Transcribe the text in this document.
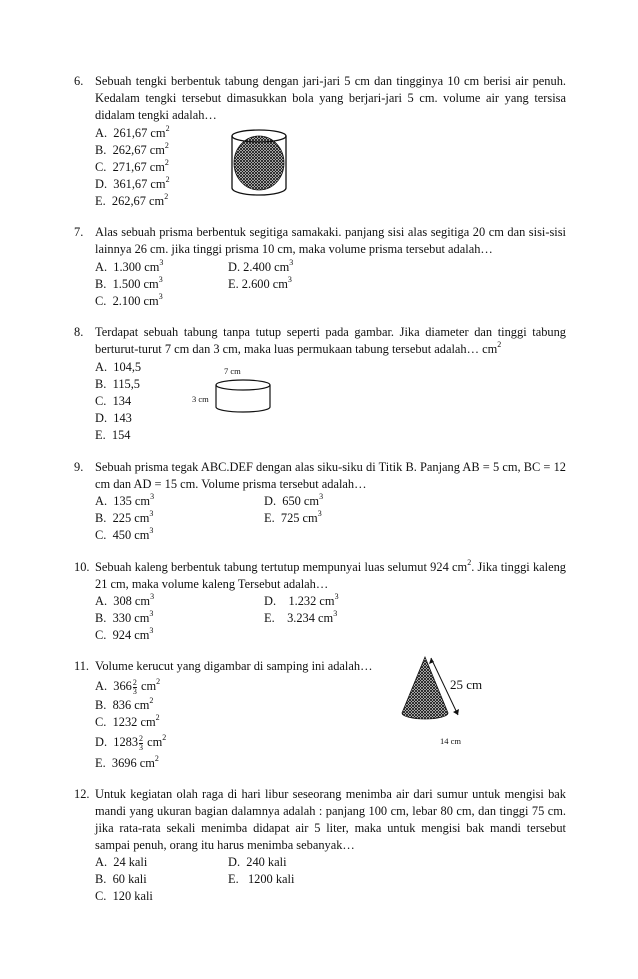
6. Sebuah tengki berbentuk tabung dengan jari-jari 5 cm dan tingginya 10 cm berisi air penuh. Kedalam tengki tersebut dimasukkan bola yang berjari-jari 5 cm. volume air yang tersisa didalam tengki adalah…
A. 261,67 $cm^2$
B. 262,67 $cm^2$
C. 271,67 $cm^2$
D. 361,67 $cm^2$
E. 262,67 $cm^2$
7. Alas sebuah prisma berbentuk segitiga samakaki. panjang sisi alas segitiga 20 cm dan sisi-sisi lainnya 26 cm. jika tinggi prisma 10 cm, maka volume prisma tersebut adalah…
A. 1.300 $cm^3$	D. 2.400 $cm^3$
B. 1.500 $cm^3$	E. 2.600 $cm^3$
C. 2.100 $cm^3$
8. Terdapat sebuah tabung tanpa tutup seperti pada gambar. Jika diameter dan tinggi tabung berturut-turut 7 cm dan 3 cm, maka luas permukaan tabung tersebut adalah… $cm^2$
A. 104,5
B. 115,5
C. 134
D. 143
E. 154
7 cm
3 cm
9. Sebuah prisma tegak ABC.DEF dengan alas siku-siku di Titik B. Panjang AB = 5 cm, BC = 12 cm dan AD = 15 cm. Volume prisma tersebut adalah…
A. 135 $cm^3$	D. 650 $cm^3$
B. 225 $cm^3$	E. 725 $cm^3$
C. 450 $cm^3$
10. Sebuah kaleng berbentuk tabung tertutup mempunyai luas selumut 924 $cm^2$. Jika tinggi kaleng 21 cm, maka volume kaleng Tersebut adalah…
A. 308 $cm^3$	D. 1.232 $cm^3$
B. 330 $cm^3$	E. 3.234 $cm^3$
C. 924 $cm^3$
11. Volume kerucut yang digambar di samping ini adalah…
A. $366 \frac{2}{3} cm^2$
B. 836 $cm^2$
C. 1232 $cm^2$
D. $1283 \frac{2}{3} cm^2$
E. 3696 $cm^2$
25 cm
14 cm
12. Untuk kegiatan olah raga di hari libur seseorang menimba air dari sumur untuk mengisi bak mandi yang ukuran bagian dalamnya adalah : panjang 100 cm, lebar 80 cm, dan tinggi 75 cm. jika rata-rata sekali menimba didapat air 5 liter, maka untuk mengisi bak mandi tersebut sampai penuh, orang itu harus menimba sebanyak…
A. 24 kali	D. 240 kali
B. 60 kali	E. 1200 kali
C. 120 kali
